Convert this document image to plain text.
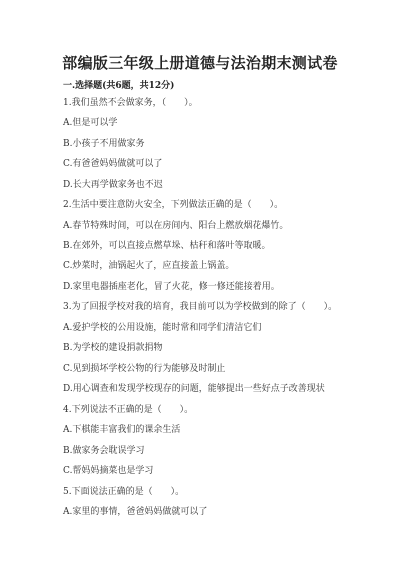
部编版三年级上册道德与法治期末测试卷
一.选择题(共6题，共12分)
1.我们虽然不会做家务，（　　）。
A.但是可以学
B.小孩子不用做家务
C.有爸爸妈妈做就可以了
D.长大再学做家务也不迟
2.生活中要注意防火安全，下列做法正确的是（　　）。
A.春节特殊时间，可以在房间内、阳台上燃放烟花爆竹。
B.在郊外，可以直接点燃草垛、枯秆和落叶等取暖。
C.炒菜时，油锅起火了，应直接盖上锅盖。
D.家里电器插座老化，冒了火花，修一修还能接着用。
3.为了回报学校对我的培育，我目前可以为学校做到的除了（　　）。
A.爱护学校的公用设施，能时常和同学们清洁它们
B.为学校的建设捐款捐物
C.见到损坏学校公物的行为能够及时制止
D.用心调查和发现学校现存的问题，能够提出一些好点子改善现状
4.下列说法不正确的是（　　）。
A.下棋能丰富我们的课余生活
B.做家务会耽误学习
C.帮妈妈摘菜也是学习
5.下面说法正确的是（　　）。
A.家里的事情，爸爸妈妈做就可以了
